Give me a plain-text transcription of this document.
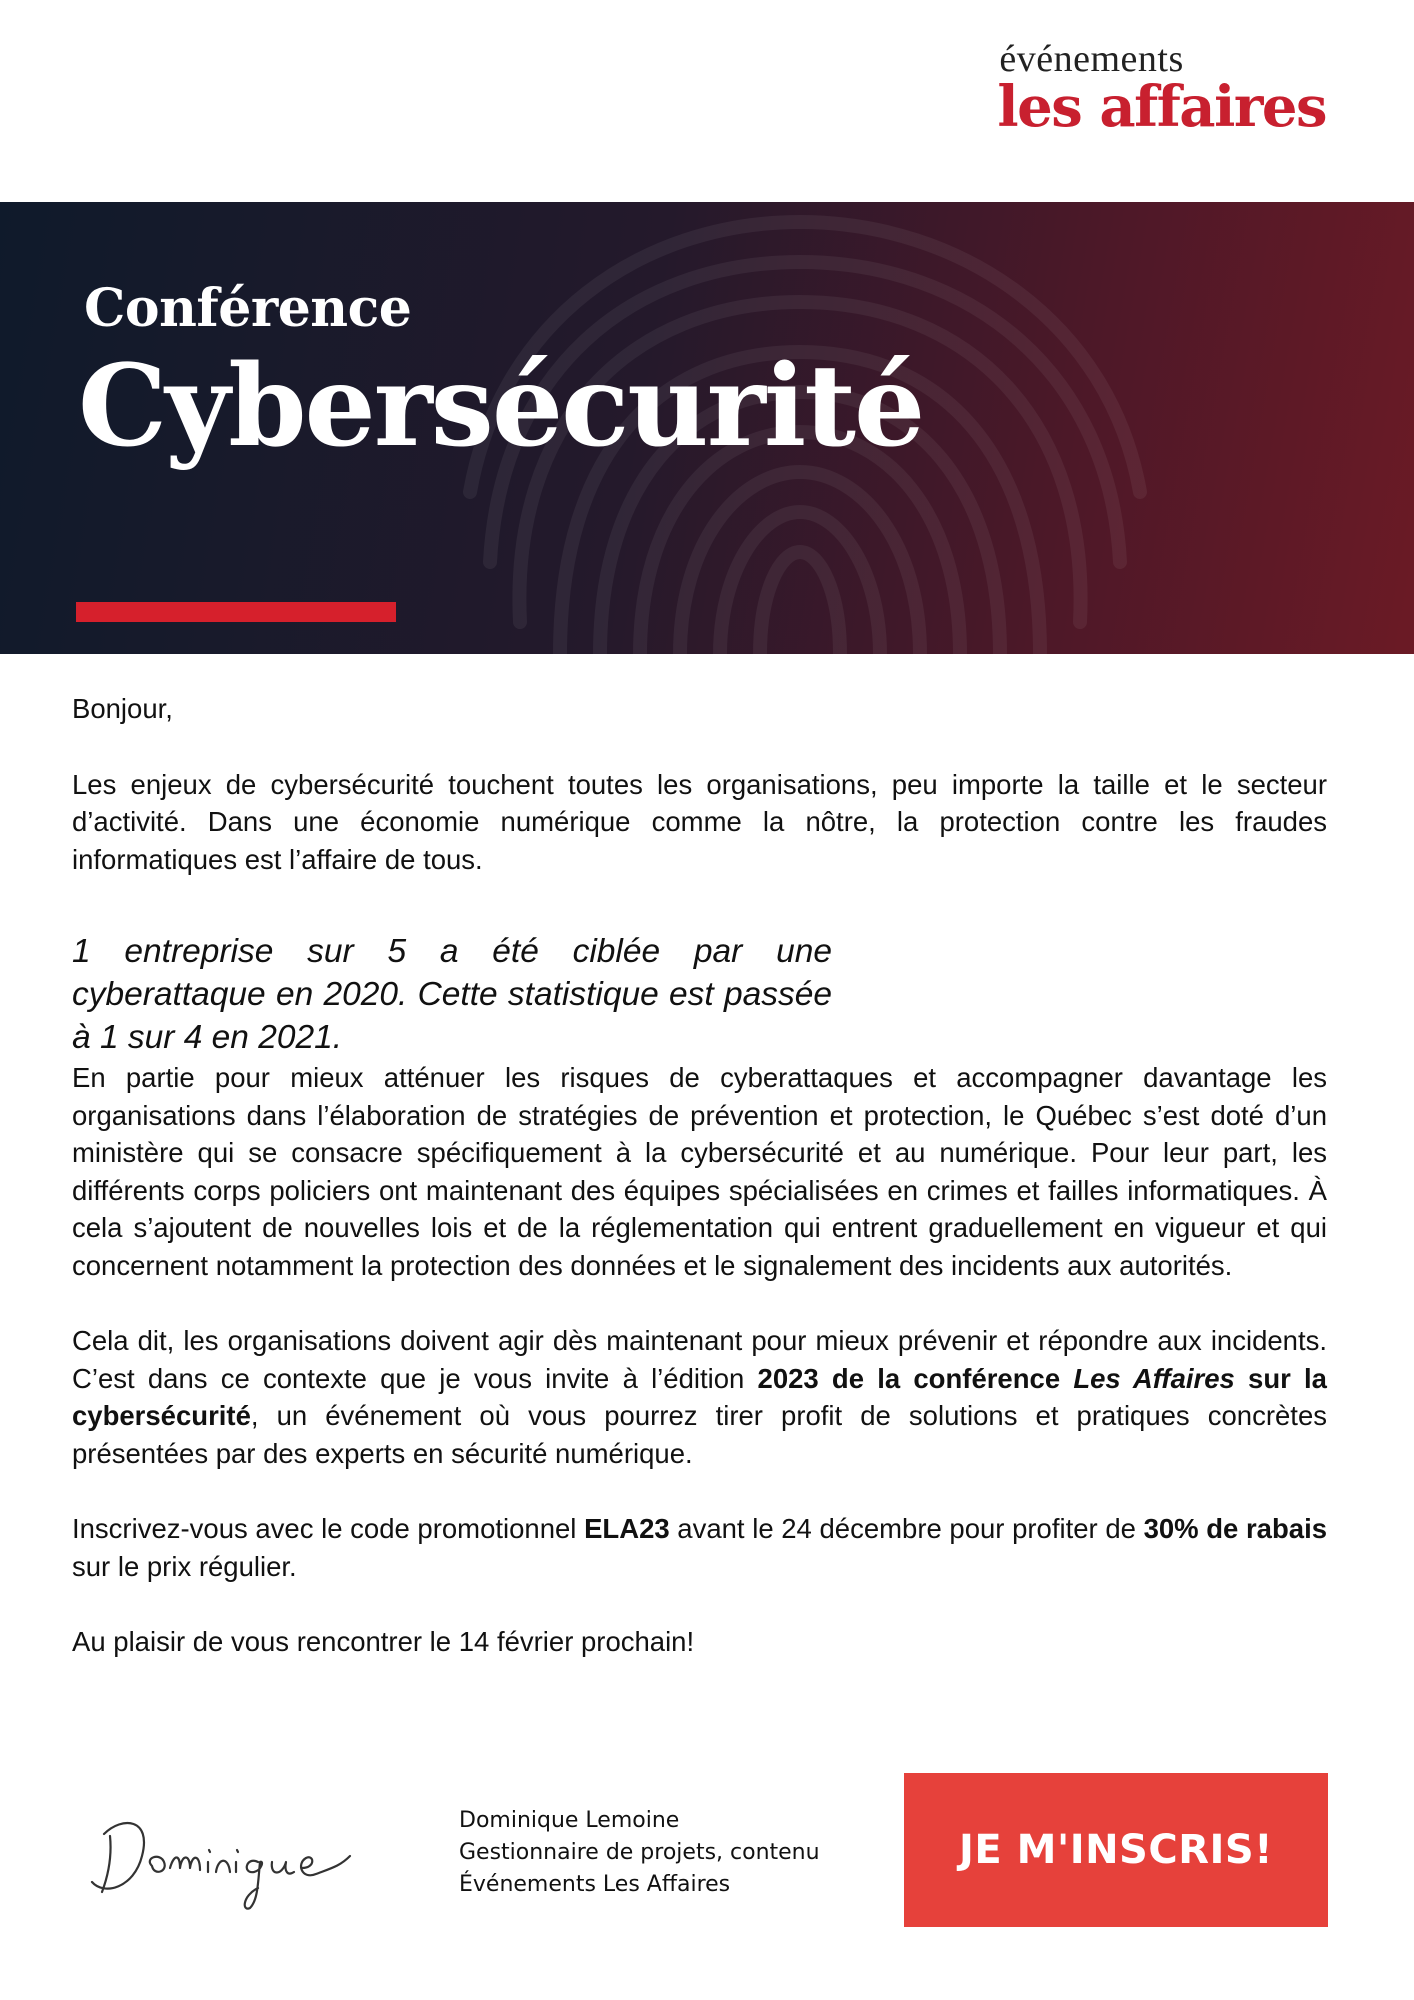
événements
les affaires
Conférence
Cybersécurité

Bonjour,

Les enjeux de cybersécurité touchent toutes les organisations, peu importe la taille et le secteur d’activité. Dans une économie numérique comme la nôtre, la protection contre les fraudes informatiques est l’affaire de tous.

1 entreprise sur 5 a été ciblée par une cyberattaque en 2020. Cette statistique est passée à 1 sur 4 en 2021.

En partie pour mieux atténuer les risques de cyberattaques et accompagner davantage les organisations dans l’élaboration de stratégies de prévention et protection, le Québec s’est doté d’un ministère qui se consacre spécifiquement à la cybersécurité et au numérique. Pour leur part, les différents corps policiers ont maintenant des équipes spécialisées en crimes et failles informatiques. À cela s’ajoutent de nouvelles lois et de la réglementation qui entrent graduellement en vigueur et qui concernent notamment la protection des données et le signalement des incidents aux autorités.

Cela dit, les organisations doivent agir dès maintenant pour mieux prévenir et répondre aux incidents. C’est dans ce contexte que je vous invite à l’édition 2023 de la conférence Les Affaires sur la cybersécurité, un événement où vous pourrez tirer profit de solutions et pratiques concrètes présentées par des experts en sécurité numérique.

Inscrivez-vous avec le code promotionnel ELA23 avant le 24 décembre pour profiter de 30% de rabais sur le prix régulier.

Au plaisir de vous rencontrer le 14 février prochain!

Dominique
Dominique Lemoine
Gestionnaire de projets, contenu
Événements Les Affaires
JE M'INSCRIS!
